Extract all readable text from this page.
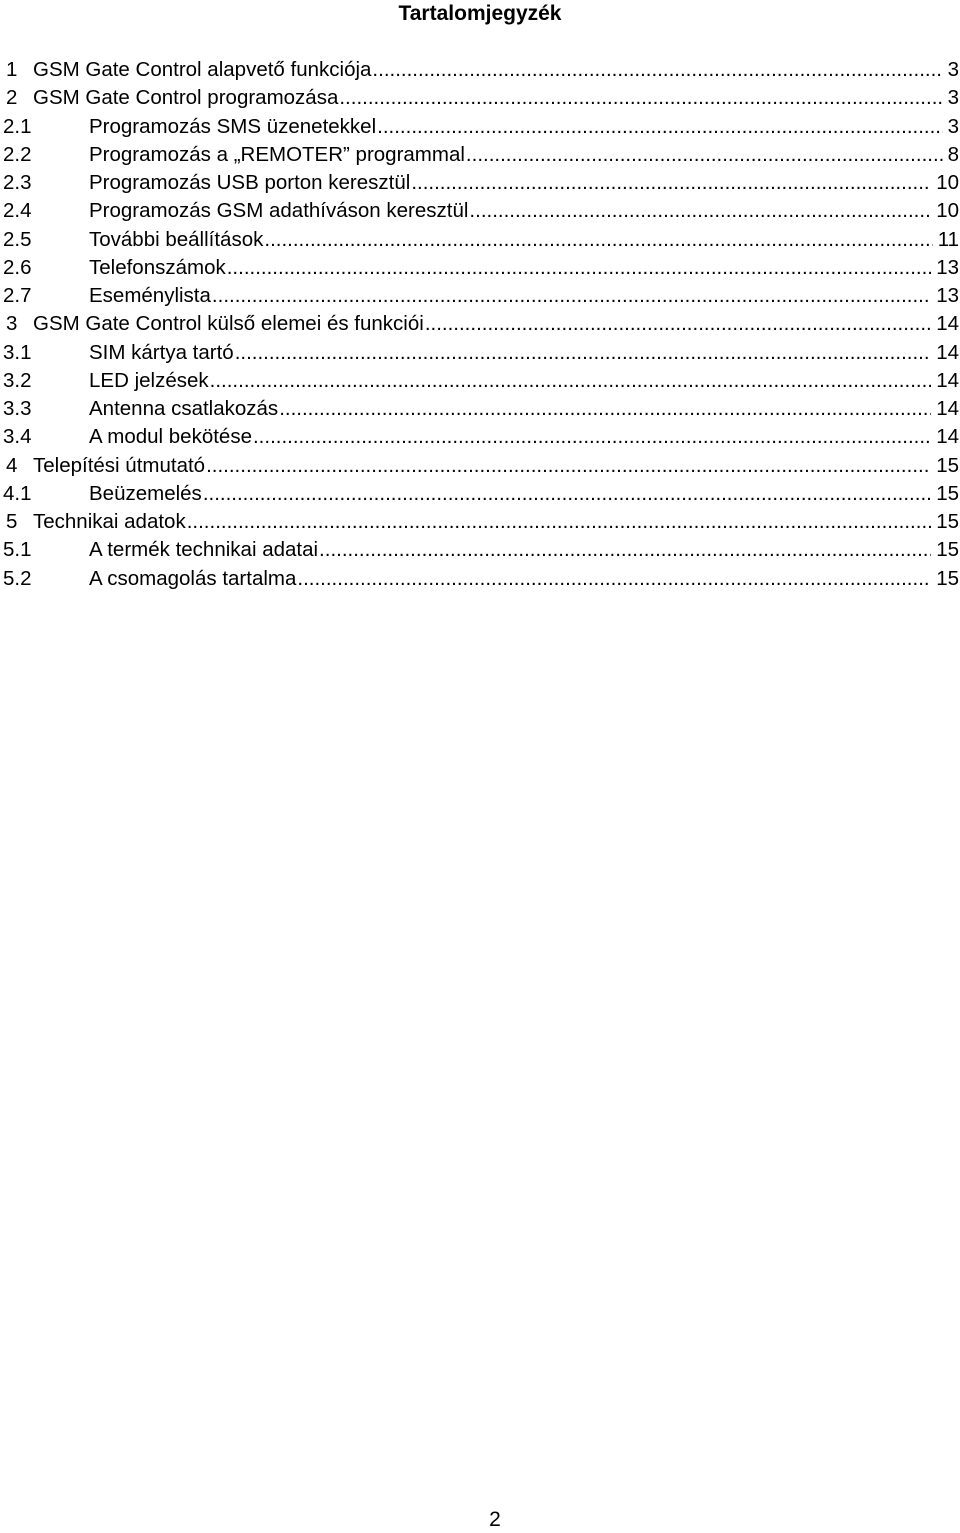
Tartalomjegyzék
1 GSM Gate Control alapvető funkciója .....	3
2 GSM Gate Control programozása .....	3
2.1	Programozás SMS üzenetekkel .....	3
2.2	Programozás a „REMOTER” programmal .....	8
2.3	Programozás USB porton keresztül .....	10
2.4	Programozás GSM adathíváson keresztül .....	10
2.5	További beállítások .....	11
2.6	Telefonszámok .....	13
2.7	Eseménylista .....	13
3 GSM Gate Control külső elemei és funkciói .....	14
3.1	SIM kártya tartó .....	14
3.2	LED jelzések .....	14
3.3	Antenna csatlakozás .....	14
3.4	A modul bekötése .....	14
4 Telepítési útmutató .....	15
4.1	Beüzemelés .....	15
5 Technikai adatok .....	15
5.1	A termék technikai adatai .....	15
5.2	A csomagolás tartalma .....	15
2
